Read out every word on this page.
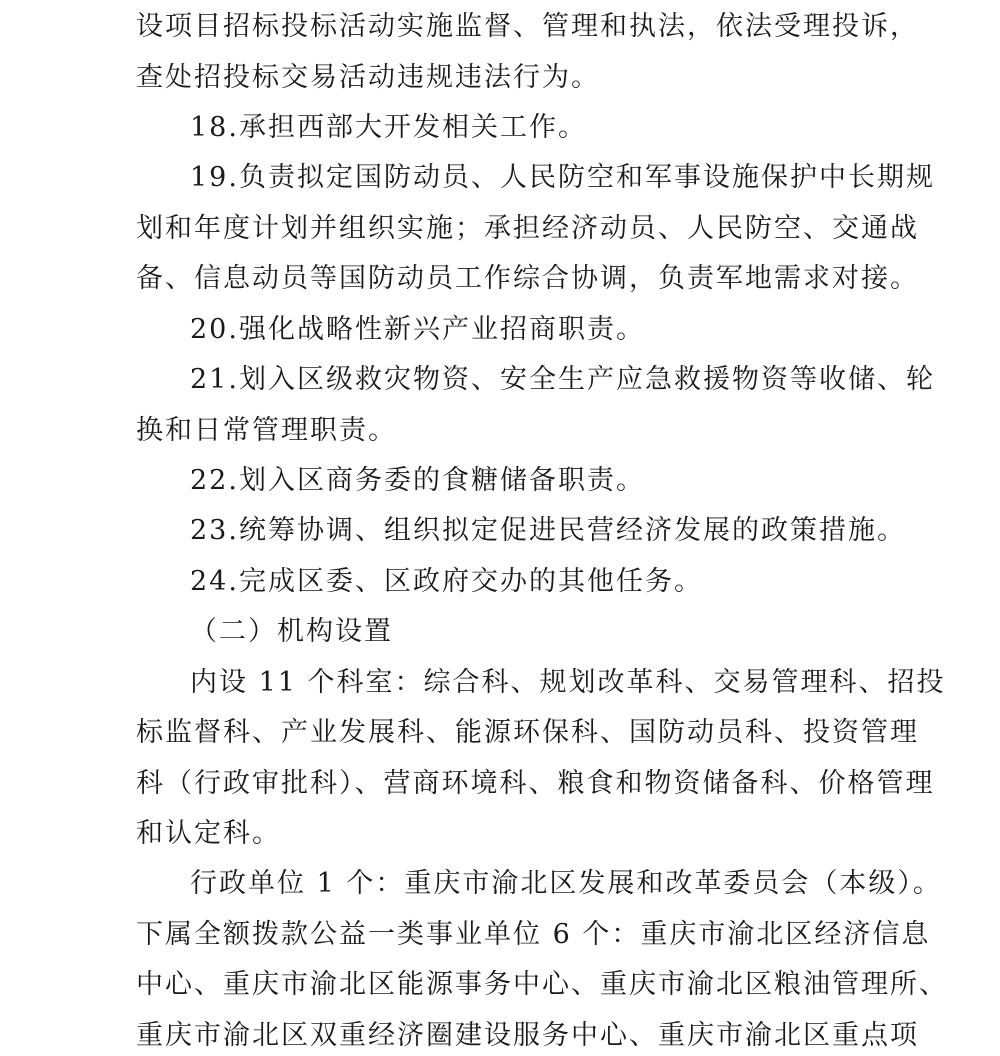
设项目招标投标活动实施监督、管理和执法，依法受理投诉，
查处招投标交易活动违规违法行为。
18.承担西部大开发相关工作。
19.负责拟定国防动员、人民防空和军事设施保护中长期规
划和年度计划并组织实施；承担经济动员、人民防空、交通战
备、信息动员等国防动员工作综合协调，负责军地需求对接。
20.强化战略性新兴产业招商职责。
21.划入区级救灾物资、安全生产应急救援物资等收储、轮
换和日常管理职责。
22.划入区商务委的食糖储备职责。
23.统筹协调、组织拟定促进民营经济发展的政策措施。
24.完成区委、区政府交办的其他任务。
（二）机构设置
内设 11 个科室：综合科、规划改革科、交易管理科、招投
标监督科、产业发展科、能源环保科、国防动员科、投资管理
科（行政审批科）、营商环境科、粮食和物资储备科、价格管理
和认定科。
行政单位 1 个：重庆市渝北区发展和改革委员会（本级）。
下属全额拨款公益一类事业单位 6 个：重庆市渝北区经济信息
中心、重庆市渝北区能源事务中心、重庆市渝北区粮油管理所、
重庆市渝北区双重经济圈建设服务中心、重庆市渝北区重点项
